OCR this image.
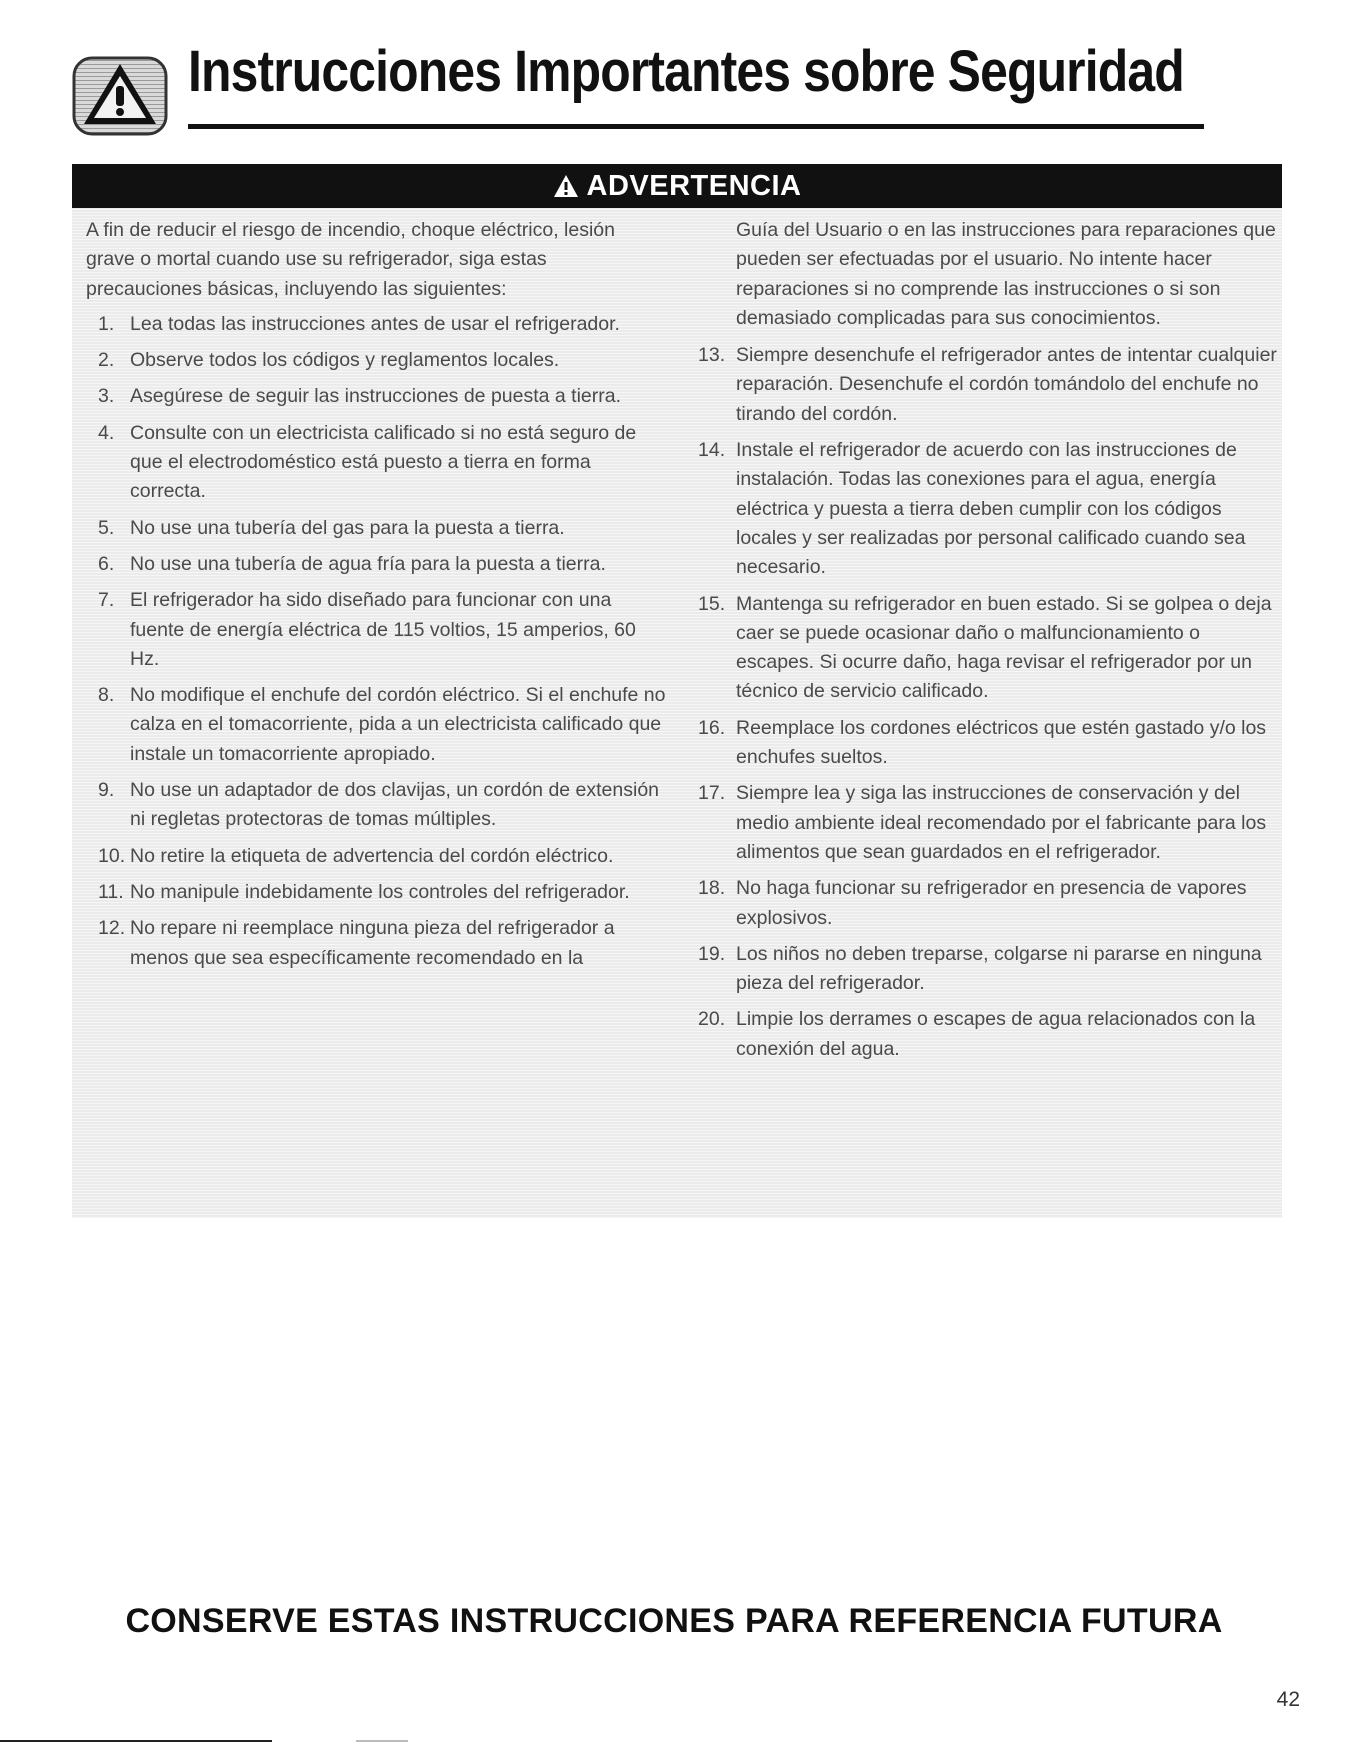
Instrucciones Importantes sobre Seguridad
ADVERTENCIA

A fin de reducir el riesgo de incendio, choque eléctrico, lesión grave o mortal cuando use su refrigerador, siga estas precauciones básicas, incluyendo las siguientes:

1. Lea todas las instrucciones antes de usar el refrigerador.
2. Observe todos los códigos y reglamentos locales.
3. Asegúrese de seguir las instrucciones de puesta a tierra.
4. Consulte con un electricista calificado si no está seguro de que el electrodoméstico está puesto a tierra en forma correcta.
5. No use una tubería del gas para la puesta a tierra.
6. No use una tubería de agua fría para la puesta a tierra.
7. El refrigerador ha sido diseñado para funcionar con una fuente de energía eléctrica de 115 voltios, 15 amperios, 60 Hz.
8. No modifique el enchufe del cordón eléctrico. Si el enchufe no calza en el tomacorriente, pida a un electricista calificado que instale un tomacorriente apropiado.
9. No use un adaptador de dos clavijas, un cordón de extensión ni regletas protectoras de tomas múltiples.
10. No retire la etiqueta de advertencia del cordón eléctrico.
11. No manipule indebidamente los controles del refrigerador.
12. No repare ni reemplace ninguna pieza del refrigerador a menos que sea específicamente recomendado en la

Guía del Usuario o en las instrucciones para reparaciones que pueden ser efectuadas por el usuario. No intente hacer reparaciones si no comprende las instrucciones o si son demasiado complicadas para sus conocimientos.

13. Siempre desenchufe el refrigerador antes de intentar cualquier reparación. Desenchufe el cordón tomándolo del enchufe no tirando del cordón.
14. Instale el refrigerador de acuerdo con las instrucciones de instalación. Todas las conexiones para el agua, energía eléctrica y puesta a tierra deben cumplir con los códigos locales y ser realizadas por personal calificado cuando sea necesario.
15. Mantenga su refrigerador en buen estado. Si se golpea o deja caer se puede ocasionar daño o malfuncionamiento o escapes. Si ocurre daño, haga revisar el refrigerador por un técnico de servicio calificado.
16. Reemplace los cordones eléctricos que estén gastado y/o los enchufes sueltos.
17. Siempre lea y siga las instrucciones de conservación y del medio ambiente ideal recomendado por el fabricante para los alimentos que sean guardados en el refrigerador.
18. No haga funcionar su refrigerador en presencia de vapores explosivos.
19. Los niños no deben treparse, colgarse ni pararse en ninguna pieza del refrigerador.
20. Limpie los derrames o escapes de agua relacionados con la conexión del agua.
CONSERVE ESTAS INSTRUCCIONES PARA REFERENCIA FUTURA
42
